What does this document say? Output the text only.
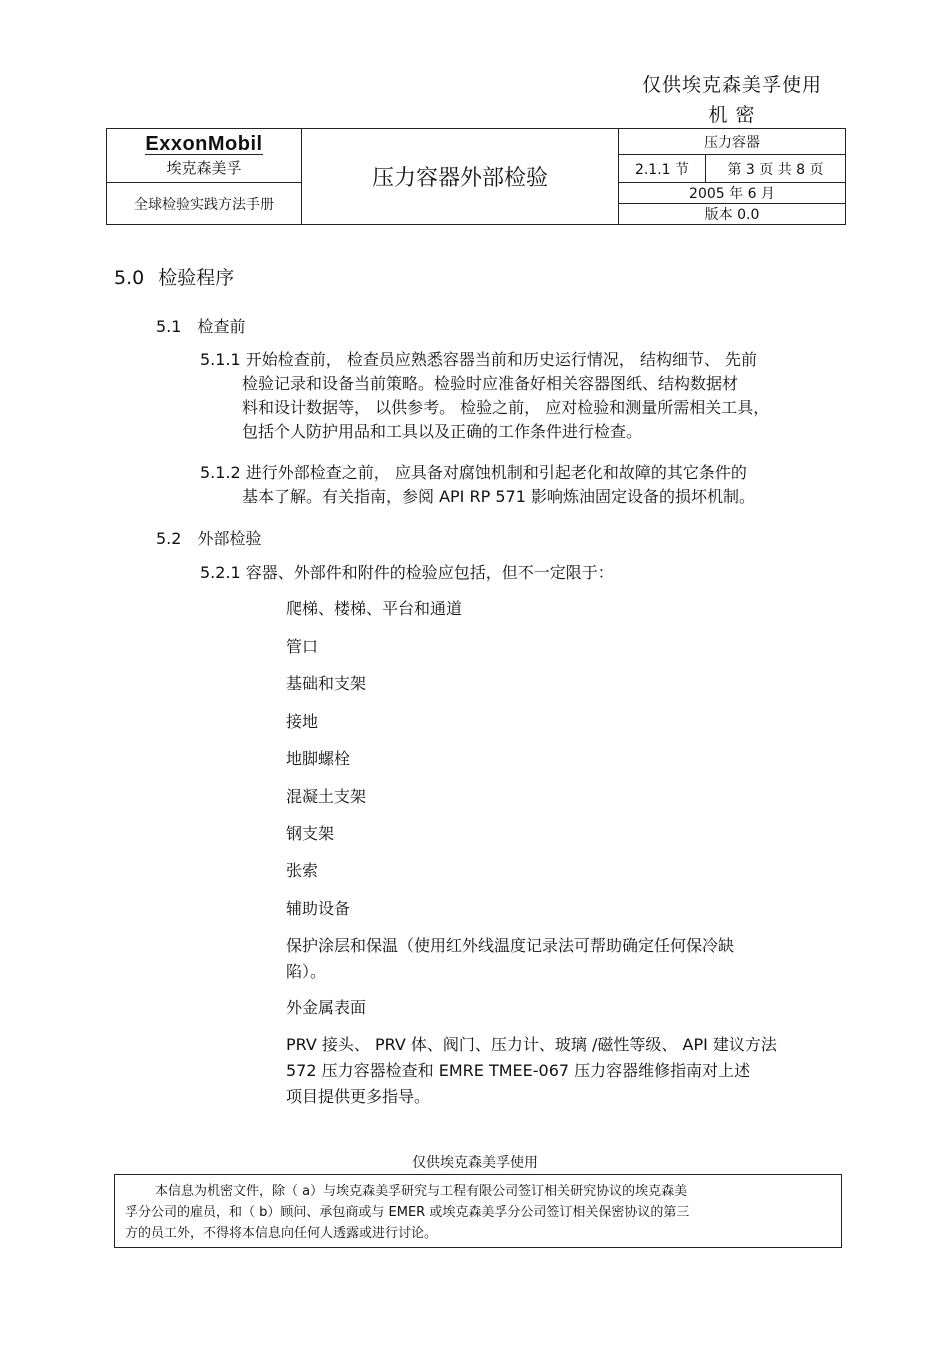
仅供埃克森美孚使用
机 密
ExxonMobil
埃克森美孚	压力容器外部检验	压力容器	
		2.1.1 节	第 3 页 共 8 页
全球检验实践方法手册		2005 年 6 月	
		版本 0.0	
5.0 检验程序
5.1 检查前
5.1.1 开始检查前， 检查员应熟悉容器当前和历史运行情况， 结构细节、 先前
检验记录和设备当前策略。检验时应准备好相关容器图纸、结构数据材
料和设计数据等， 以供参考。 检验之前， 应对检验和测量所需相关工具，
包括个人防护用品和工具以及正确的工作条件进行检查。
5.1.2 进行外部检查之前， 应具备对腐蚀机制和引起老化和故障的其它条件的
基本了解。有关指南，参阅 API RP 571 影响炼油固定设备的损坏机制。
5.2 外部检验
5.2.1 容器、外部件和附件的检验应包括，但不一定限于：
爬梯、楼梯、平台和通道
管口
基础和支架
接地
地脚螺栓
混凝土支架
钢支架
张索
辅助设备
保护涂层和保温（使用红外线温度记录法可帮助确定任何保冷缺
陷）。
外金属表面
PRV 接头、 PRV 体、阀门、压力计、玻璃 /磁性等级、 API 建议方法
572 压力容器检查和 EMRE TMEE-067 压力容器维修指南对上述
项目提供更多指导。
仅供埃克森美孚使用
本信息为机密文件，除（ a）与埃克森美孚研究与工程有限公司签订相关研究协议的埃克森美
孚分公司的雇员，和（ b）顾问、承包商或与 EMER 或埃克森美孚分公司签订相关保密协议的第三
方的员工外，不得将本信息向任何人透露或进行讨论。
